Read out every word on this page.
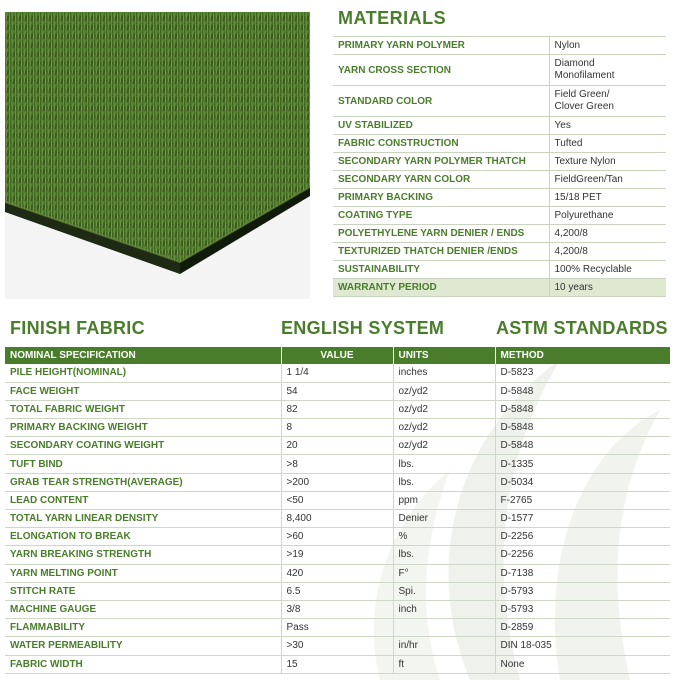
MATERIALS
PRIMARY YARN POLYMER	Nylon
YARN CROSS SECTION	Diamond
Monofilament
STANDARD COLOR	Field Green/
Clover Green
UV STABILIZED	Yes
FABRIC CONSTRUCTION	Tufted
SECONDARY YARN POLYMER THATCH	Texture Nylon
SECONDARY YARN COLOR	FieldGreen/Tan
PRIMARY BACKING	15/18 PET
COATING TYPE	Polyurethane
POLYETHYLENE YARN DENIER / ENDS	4,200/8
TEXTURIZED THATCH DENIER /ENDS	4,200/8
SUSTAINABILITY	100% Recyclable
WARRANTY PERIOD	10 years
FINISH FABRIC	ENGLISH SYSTEM	ASTM STANDARDS
NOMINAL SPECIFICATION	VALUE	UNITS	METHOD
PILE HEIGHT(NOMINAL)	1 1/4	inches	D-5823
FACE WEIGHT	54	oz/yd2	D-5848
TOTAL FABRIC WEIGHT	82	oz/yd2	D-5848
PRIMARY BACKING WEIGHT	8	oz/yd2	D-5848
SECONDARY COATING WEIGHT	20	oz/yd2	D-5848
TUFT BIND	>8	lbs.	D-1335
GRAB TEAR STRENGTH(AVERAGE)	>200	lbs.	D-5034
LEAD CONTENT	<50	ppm	F-2765
TOTAL YARN LINEAR DENSITY	8,400	Denier	D-1577
ELONGATION TO BREAK	>60	%	D-2256
YARN BREAKING STRENGTH	>19	lbs.	D-2256
YARN MELTING POINT	420	F°	D-7138
STITCH RATE	6.5	Spi.	D-5793
MACHINE GAUGE	3/8	inch	D-5793
FLAMMABILITY	Pass		D-2859
WATER PERMEABILITY	>30	in/hr	DIN 18-035
FABRIC WIDTH	15	ft	None
